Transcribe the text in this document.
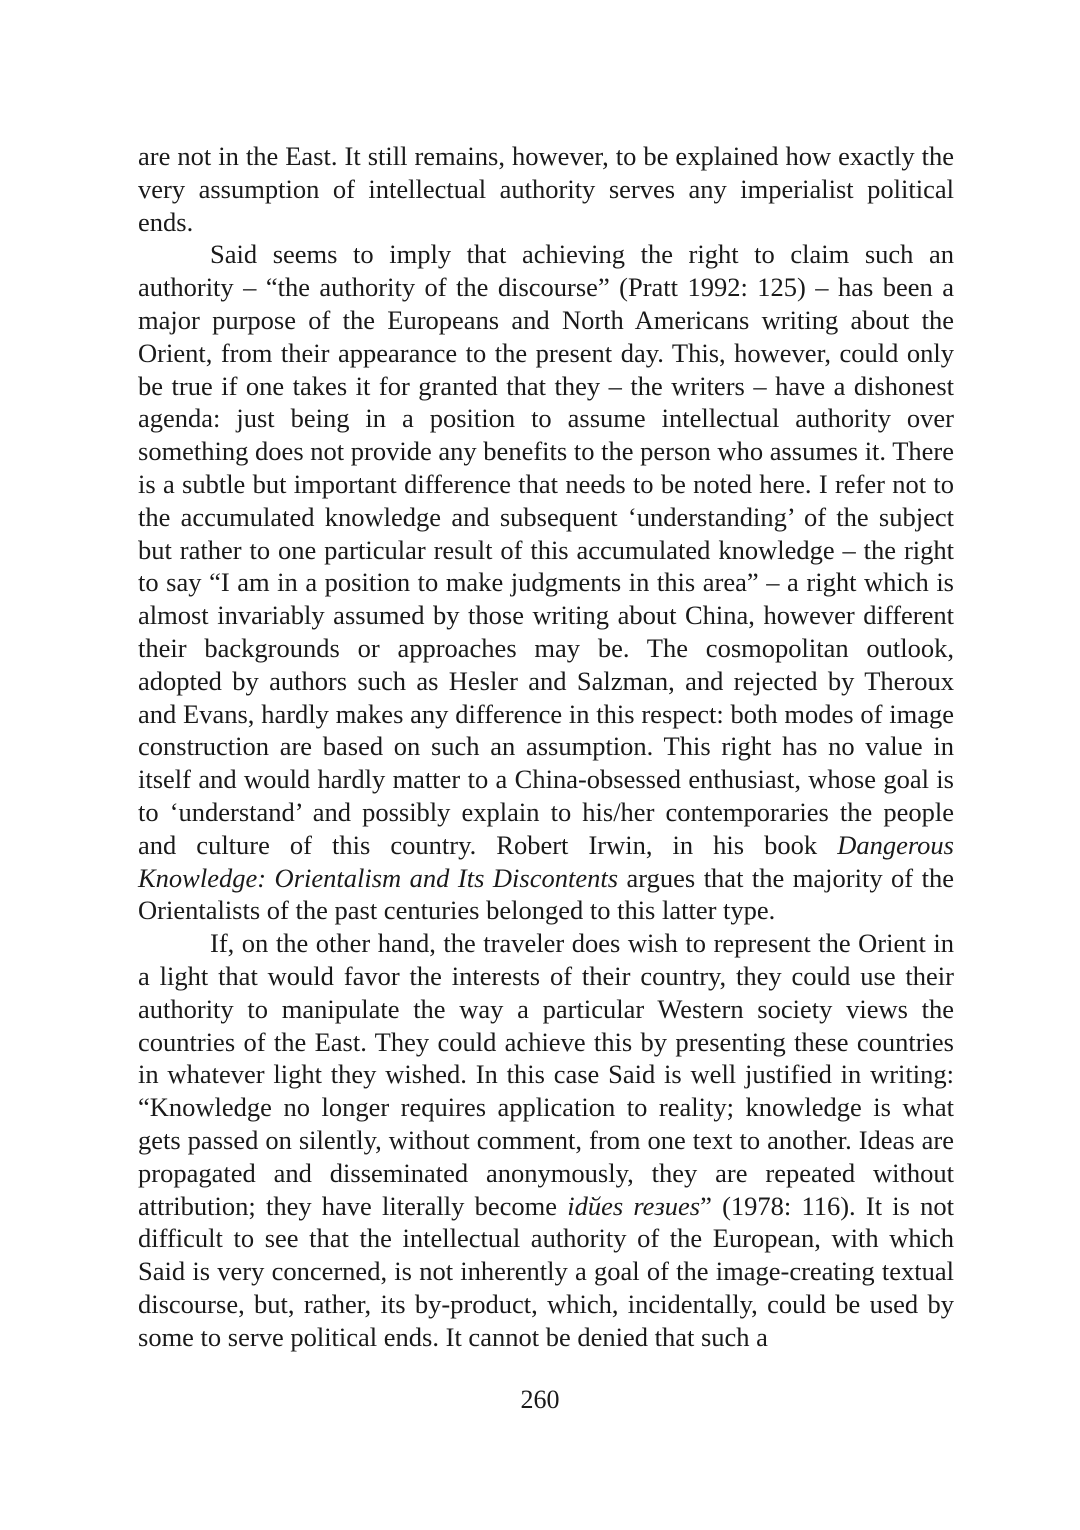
are not in the East. It still remains, however, to be explained how exactly the very assumption of intellectual authority serves any imperialist political ends.

Said seems to imply that achieving the right to claim such an authority – “the authority of the discourse” (Pratt 1992: 125) – has been a major purpose of the Europeans and North Americans writing about the Orient, from their appearance to the present day. This, however, could only be true if one takes it for granted that they – the writers – have a dishonest agenda: just being in a position to assume intellectual authority over something does not provide any benefits to the person who assumes it. There is a subtle but important difference that needs to be noted here. I refer not to the accumulated knowledge and subsequent ‘understanding’ of the subject but rather to one particular result of this accumulated knowledge – the right to say “I am in a position to make judgments in this area” – a right which is almost invariably assumed by those writing about China, however different their backgrounds or approaches may be. The cosmopolitan outlook, adopted by authors such as Hesler and Salzman, and rejected by Theroux and Evans, hardly makes any difference in this respect: both modes of image construction are based on such an assumption. This right has no value in itself and would hardly matter to a China-obsessed enthusiast, whose goal is to ‘understand’ and possibly explain to his/her contemporaries the people and culture of this country. Robert Irwin, in his book Dangerous Knowledge: Orientalism and Its Discontents argues that the majority of the Orientalists of the past centuries belonged to this latter type.

If, on the other hand, the traveler does wish to represent the Orient in a light that would favor the interests of their country, they could use their authority to manipulate the way a particular Western society views the countries of the East. They could achieve this by presenting these countries in whatever light they wished. In this case Said is well justified in writing: “Knowledge no longer requires application to reality; knowledge is what gets passed on silently, without comment, from one text to another. Ideas are propagated and disseminated anonymously, they are repeated without attribution; they have literally become idйes reзues” (1978: 116). It is not difficult to see that the intellectual authority of the European, with which Said is very concerned, is not inherently a goal of the image-creating textual discourse, but, rather, its by-product, which, incidentally, could be used by some to serve political ends. It cannot be denied that such a

260
